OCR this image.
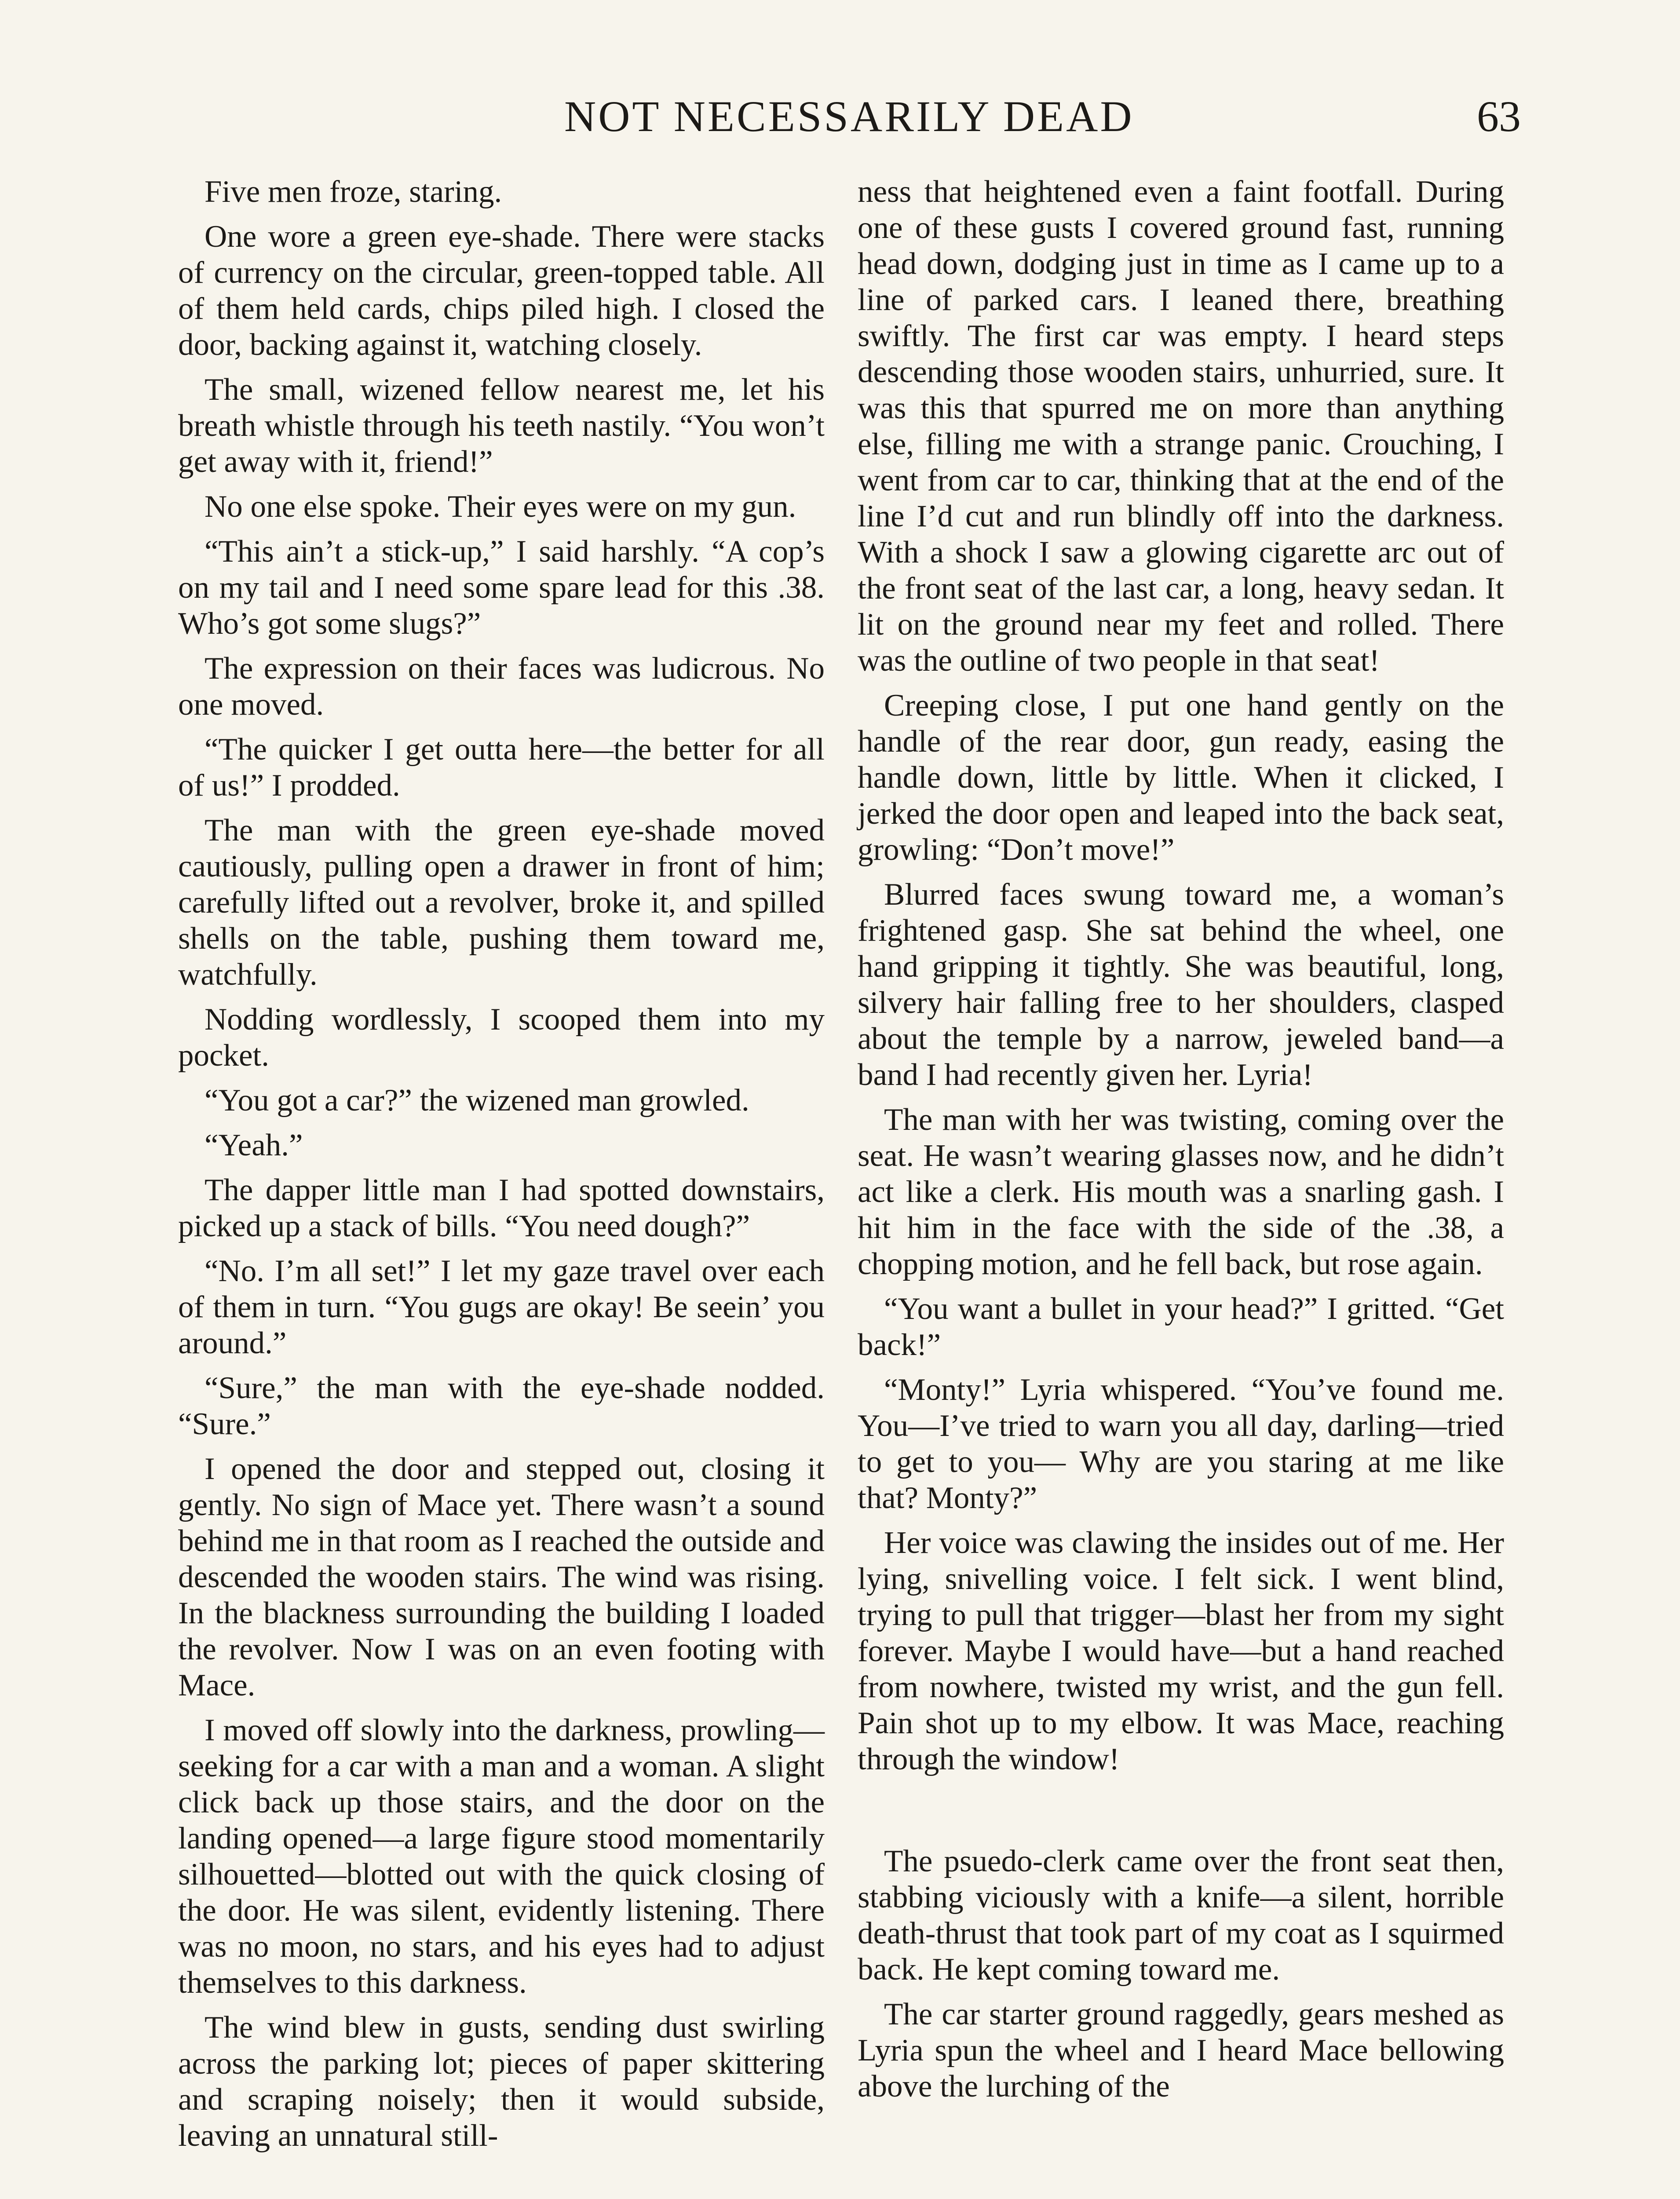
NOT NECESSARILY DEAD	63

Five men froze, staring.

One wore a green eye-shade. There were stacks of currency on the circular, green-topped table. All of them held cards, chips piled high. I closed the door, backing against it, watching closely.

The small, wizened fellow nearest me, let his breath whistle through his teeth nastily. “You won’t get away with it, friend!”

No one else spoke. Their eyes were on my gun.

“This ain’t a stick-up,” I said harshly. “A cop’s on my tail and I need some spare lead for this .38. Who’s got some slugs?”

The expression on their faces was ludicrous. No one moved.

“The quicker I get outta here—the better for all of us!” I prodded.

The man with the green eye-shade moved cautiously, pulling open a drawer in front of him; carefully lifted out a revolver, broke it, and spilled shells on the table, pushing them toward me, watchfully.

Nodding wordlessly, I scooped them into my pocket.

“You got a car?” the wizened man growled.

“Yeah.”

The dapper little man I had spotted downstairs, picked up a stack of bills. “You need dough?”

“No. I’m all set!” I let my gaze travel over each of them in turn. “You gugs are okay! Be seein’ you around.”

“Sure,” the man with the eye-shade nodded. “Sure.”

I opened the door and stepped out, closing it gently. No sign of Mace yet. There wasn’t a sound behind me in that room as I reached the outside and descended the wooden stairs. The wind was rising. In the blackness surrounding the building I loaded the revolver. Now I was on an even footing with Mace.

I moved off slowly into the darkness, prowling—seeking for a car with a man and a woman. A slight click back up those stairs, and the door on the landing opened—a large figure stood momentarily silhouetted—blotted out with the quick closing of the door. He was silent, evidently listening. There was no moon, no stars, and his eyes had to adjust themselves to this darkness.

The wind blew in gusts, sending dust swirling across the parking lot; pieces of paper skittering and scraping noisely; then it would subside, leaving an unnatural still-

ness that heightened even a faint footfall. During one of these gusts I covered ground fast, running head down, dodging just in time as I came up to a line of parked cars. I leaned there, breathing swiftly. The first car was empty. I heard steps descending those wooden stairs, unhurried, sure. It was this that spurred me on more than anything else, filling me with a strange panic. Crouching, I went from car to car, thinking that at the end of the line I’d cut and run blindly off into the darkness. With a shock I saw a glowing cigarette arc out of the front seat of the last car, a long, heavy sedan. It lit on the ground near my feet and rolled. There was the outline of two people in that seat!

Creeping close, I put one hand gently on the handle of the rear door, gun ready, easing the handle down, little by little. When it clicked, I jerked the door open and leaped into the back seat, growling: “Don’t move!”

Blurred faces swung toward me, a woman’s frightened gasp. She sat behind the wheel, one hand gripping it tightly. She was beautiful, long, silvery hair falling free to her shoulders, clasped about the temple by a narrow, jeweled band—a band I had recently given her. Lyria!

The man with her was twisting, coming over the seat. He wasn’t wearing glasses now, and he didn’t act like a clerk. His mouth was a snarling gash. I hit him in the face with the side of the .38, a chopping motion, and he fell back, but rose again.

“You want a bullet in your head?” I gritted. “Get back!”

“Monty!” Lyria whispered. “You’ve found me. You—I’ve tried to warn you all day, darling—tried to get to you— Why are you staring at me like that? Monty?”

Her voice was clawing the insides out of me. Her lying, snivelling voice. I felt sick. I went blind, trying to pull that trigger—blast her from my sight forever. Maybe I would have—but a hand reached from nowhere, twisted my wrist, and the gun fell. Pain shot up to my elbow. It was Mace, reaching through the window!

The psuedo-clerk came over the front seat then, stabbing viciously with a knife—a silent, horrible death-thrust that took part of my coat as I squirmed back. He kept coming toward me.

The car starter ground raggedly, gears meshed as Lyria spun the wheel and I heard Mace bellowing above the lurching of the
